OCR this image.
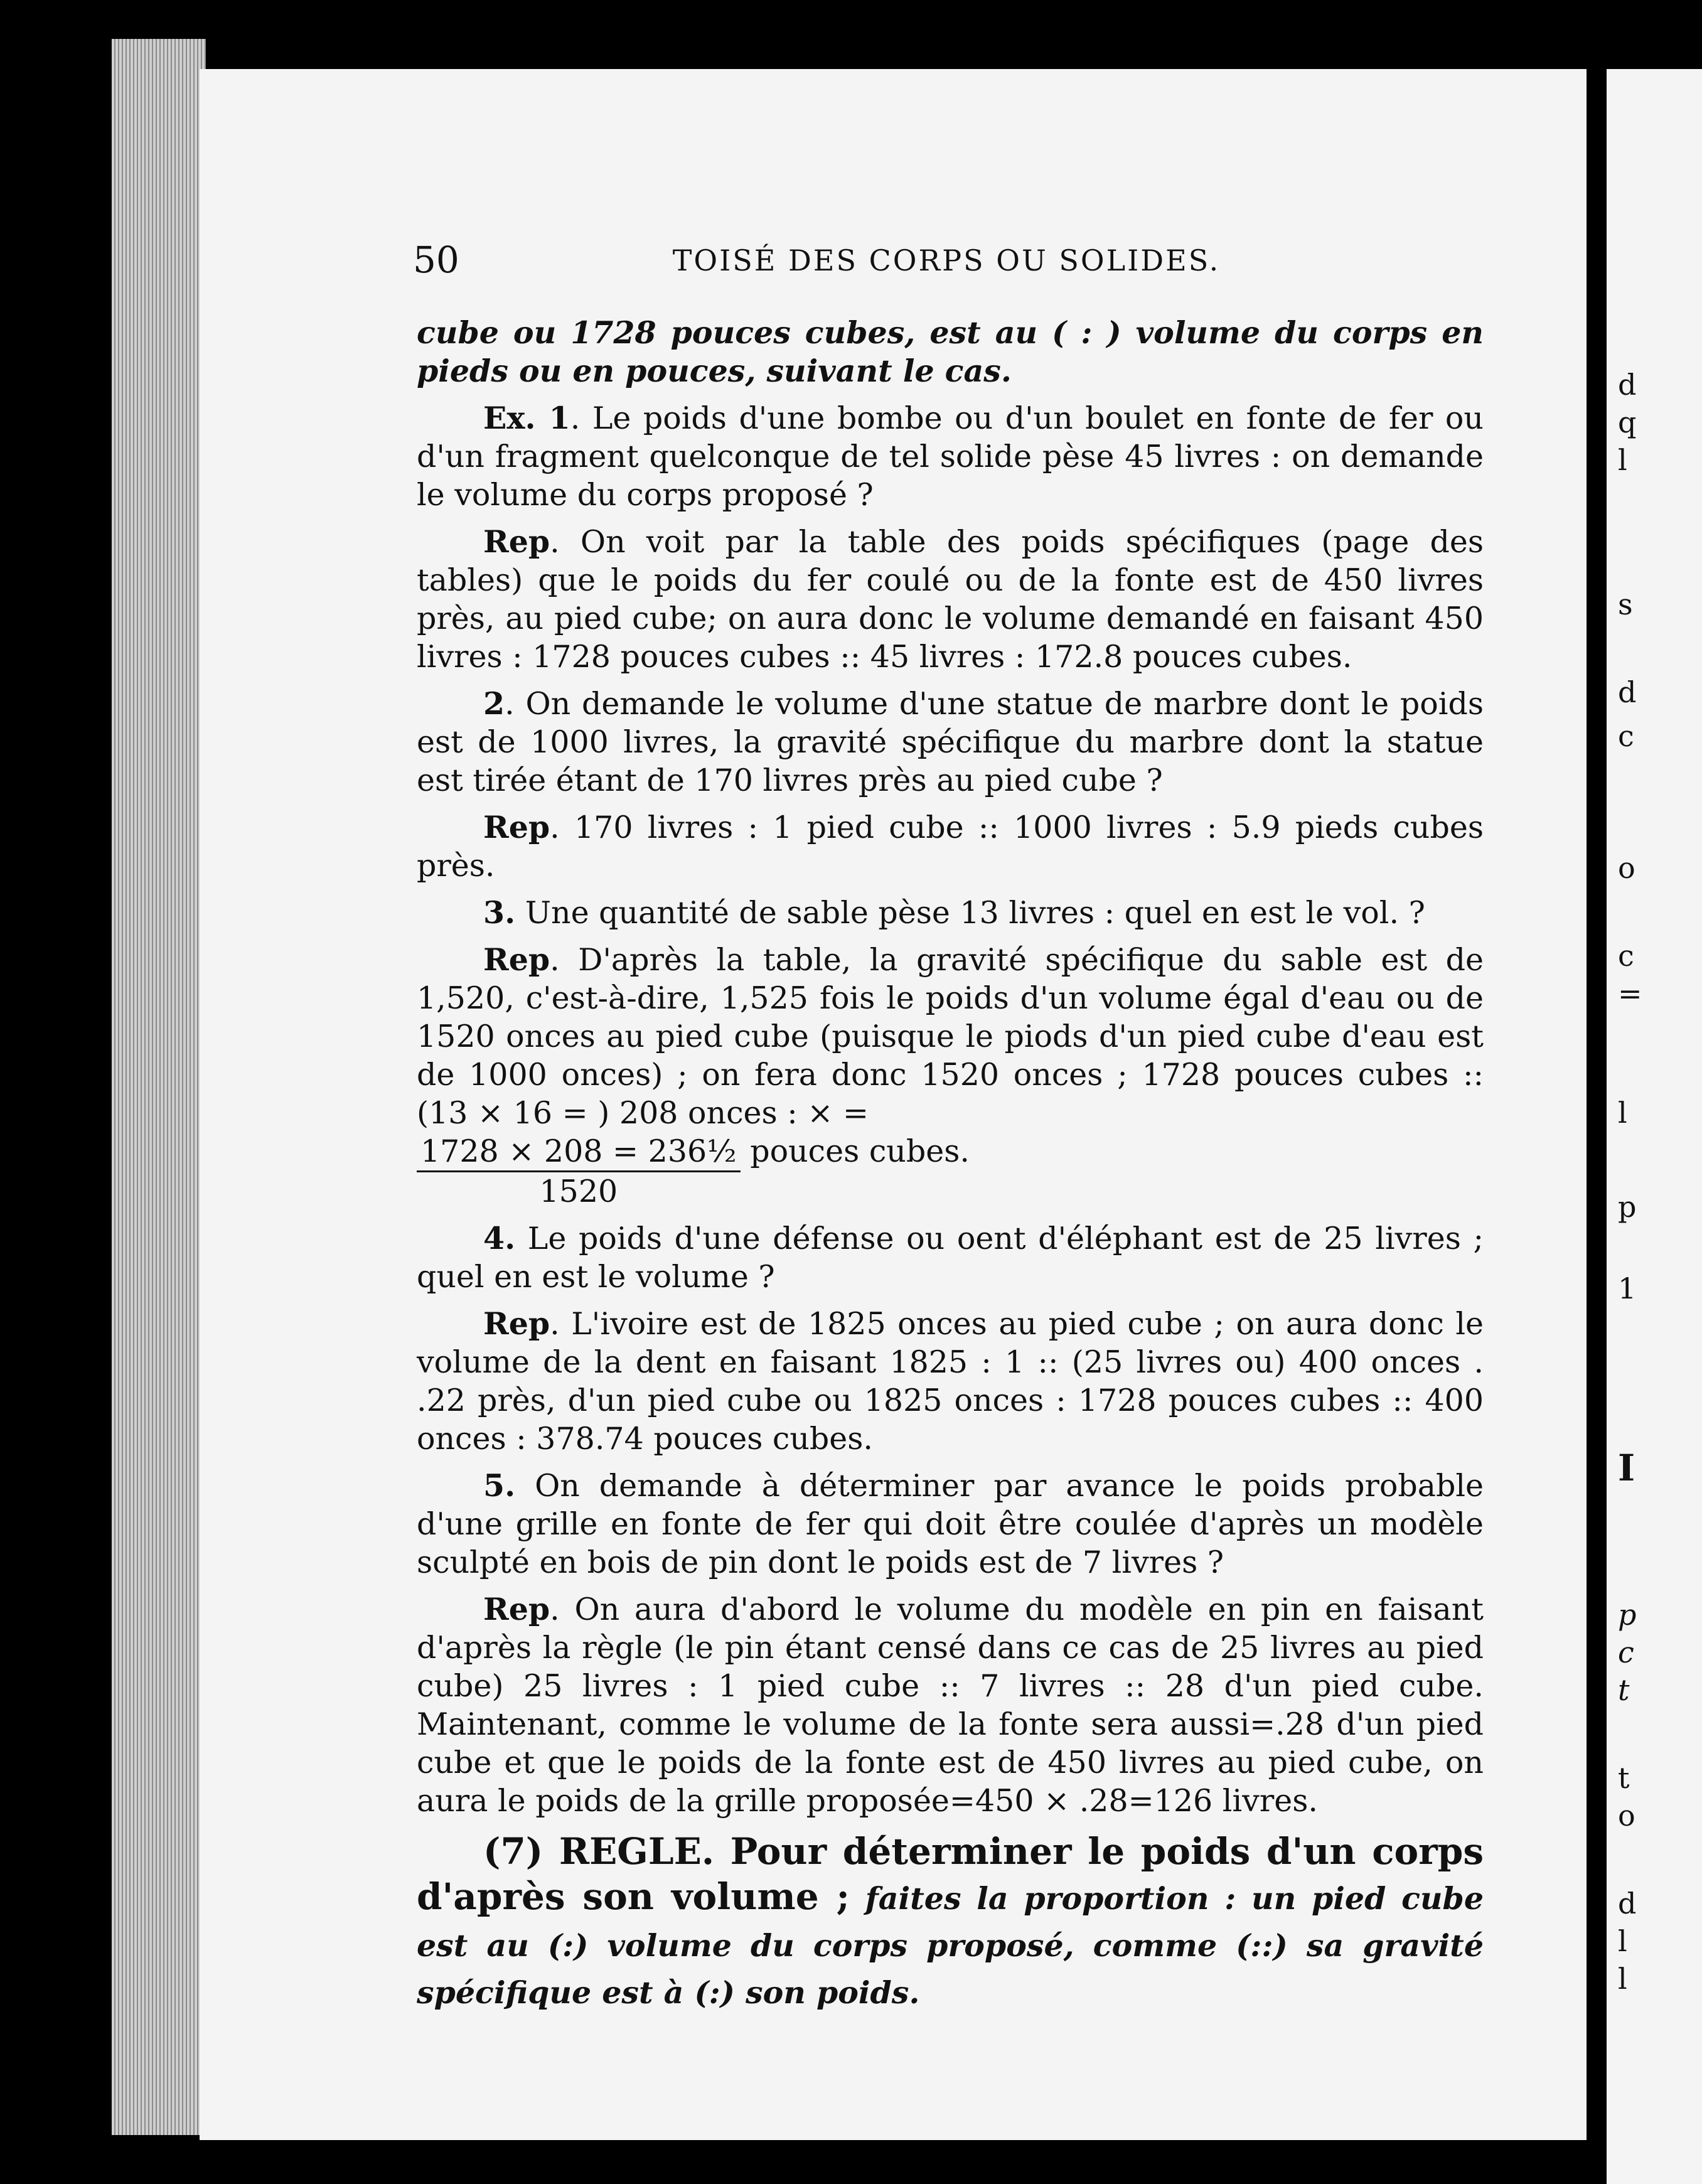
50	TOISÉ DES CORPS OU SOLIDES.

cube ou 1728 pouces cubes, est au ( : ) volume du corps en pieds ou en pouces, suivant le cas.

Ex. 1. Le poids d'une bombe ou d'un boulet en fonte de fer ou d'un fragment quelconque de tel solide pèse 45 livres : on demande le volume du corps proposé ?

Rep. On voit par la table des poids spécifiques (page des tables) que le poids du fer coulé ou de la fonte est de 450 livres près, au pied cube; on aura donc le volume demandé en faisant 450 livres : 1728 pouces cubes :: 45 livres : 172.8 pouces cubes.

2. On demande le volume d'une statue de marbre dont le poids est de 1000 livres, la gravité spécifique du marbre dont la statue est tirée étant de 170 livres près au pied cube ?

Rep. 170 livres : 1 pied cube :: 1000 livres : 5.9 pieds cubes près.

3. Une quantité de sable pèse 13 livres : quel en est le vol. ?

Rep. D'après la table, la gravité spécifique du sable est de 1,520, c'est-à-dire, 1,525 fois le poids d'un volume égal d'eau ou de 1520 onces au pied cube (puisque le piods d'un pied cube d'eau est de 1000 onces) ; on fera donc 1520 onces ; 1728 pouces cubes :: (13 × 16 = ) 208 onces : × =

$\frac{\text{1728 × 208 = 236½}}{1520}$ pouces cubes.

4. Le poids d'une défense ou oent d'éléphant est de 25 livres ; quel en est le volume ?

Rep. L'ivoire est de 1825 onces au pied cube ; on aura donc le volume de la dent en faisant 1825 : 1 :: (25 livres ou) 400 onces . .22 près, d'un pied cube ou 1825 onces : 1728 pouces cubes :: 400 onces : 378.74 pouces cubes.

5. On demande à déterminer par avance le poids probable d'une grille en fonte de fer qui doit être coulée d'après un modèle sculpté en bois de pin dont le poids est de 7 livres ?

Rep. On aura d'abord le volume du modèle en pin en faisant d'après la règle (le pin étant censé dans ce cas de 25 livres au pied cube) 25 livres : 1 pied cube :: 7 livres :: 28 d'un pied cube. Maintenant, comme le volume de la fonte sera aussi=.28 d'un pied cube et que le poids de la fonte est de 450 livres au pied cube, on aura le poids de la grille proposée=450 × .28=126 livres.

(7) REGLE. Pour déterminer le poids d'un corps d'après son volume ; faites la proportion : un pied cube est au (:) volume du corps proposé, comme (::) sa gravité spécifique est à (:) son poids.

d
q
l
s
d
c
o
c
=
l
p
1
I
p
c
t
t
o
d
l
l
